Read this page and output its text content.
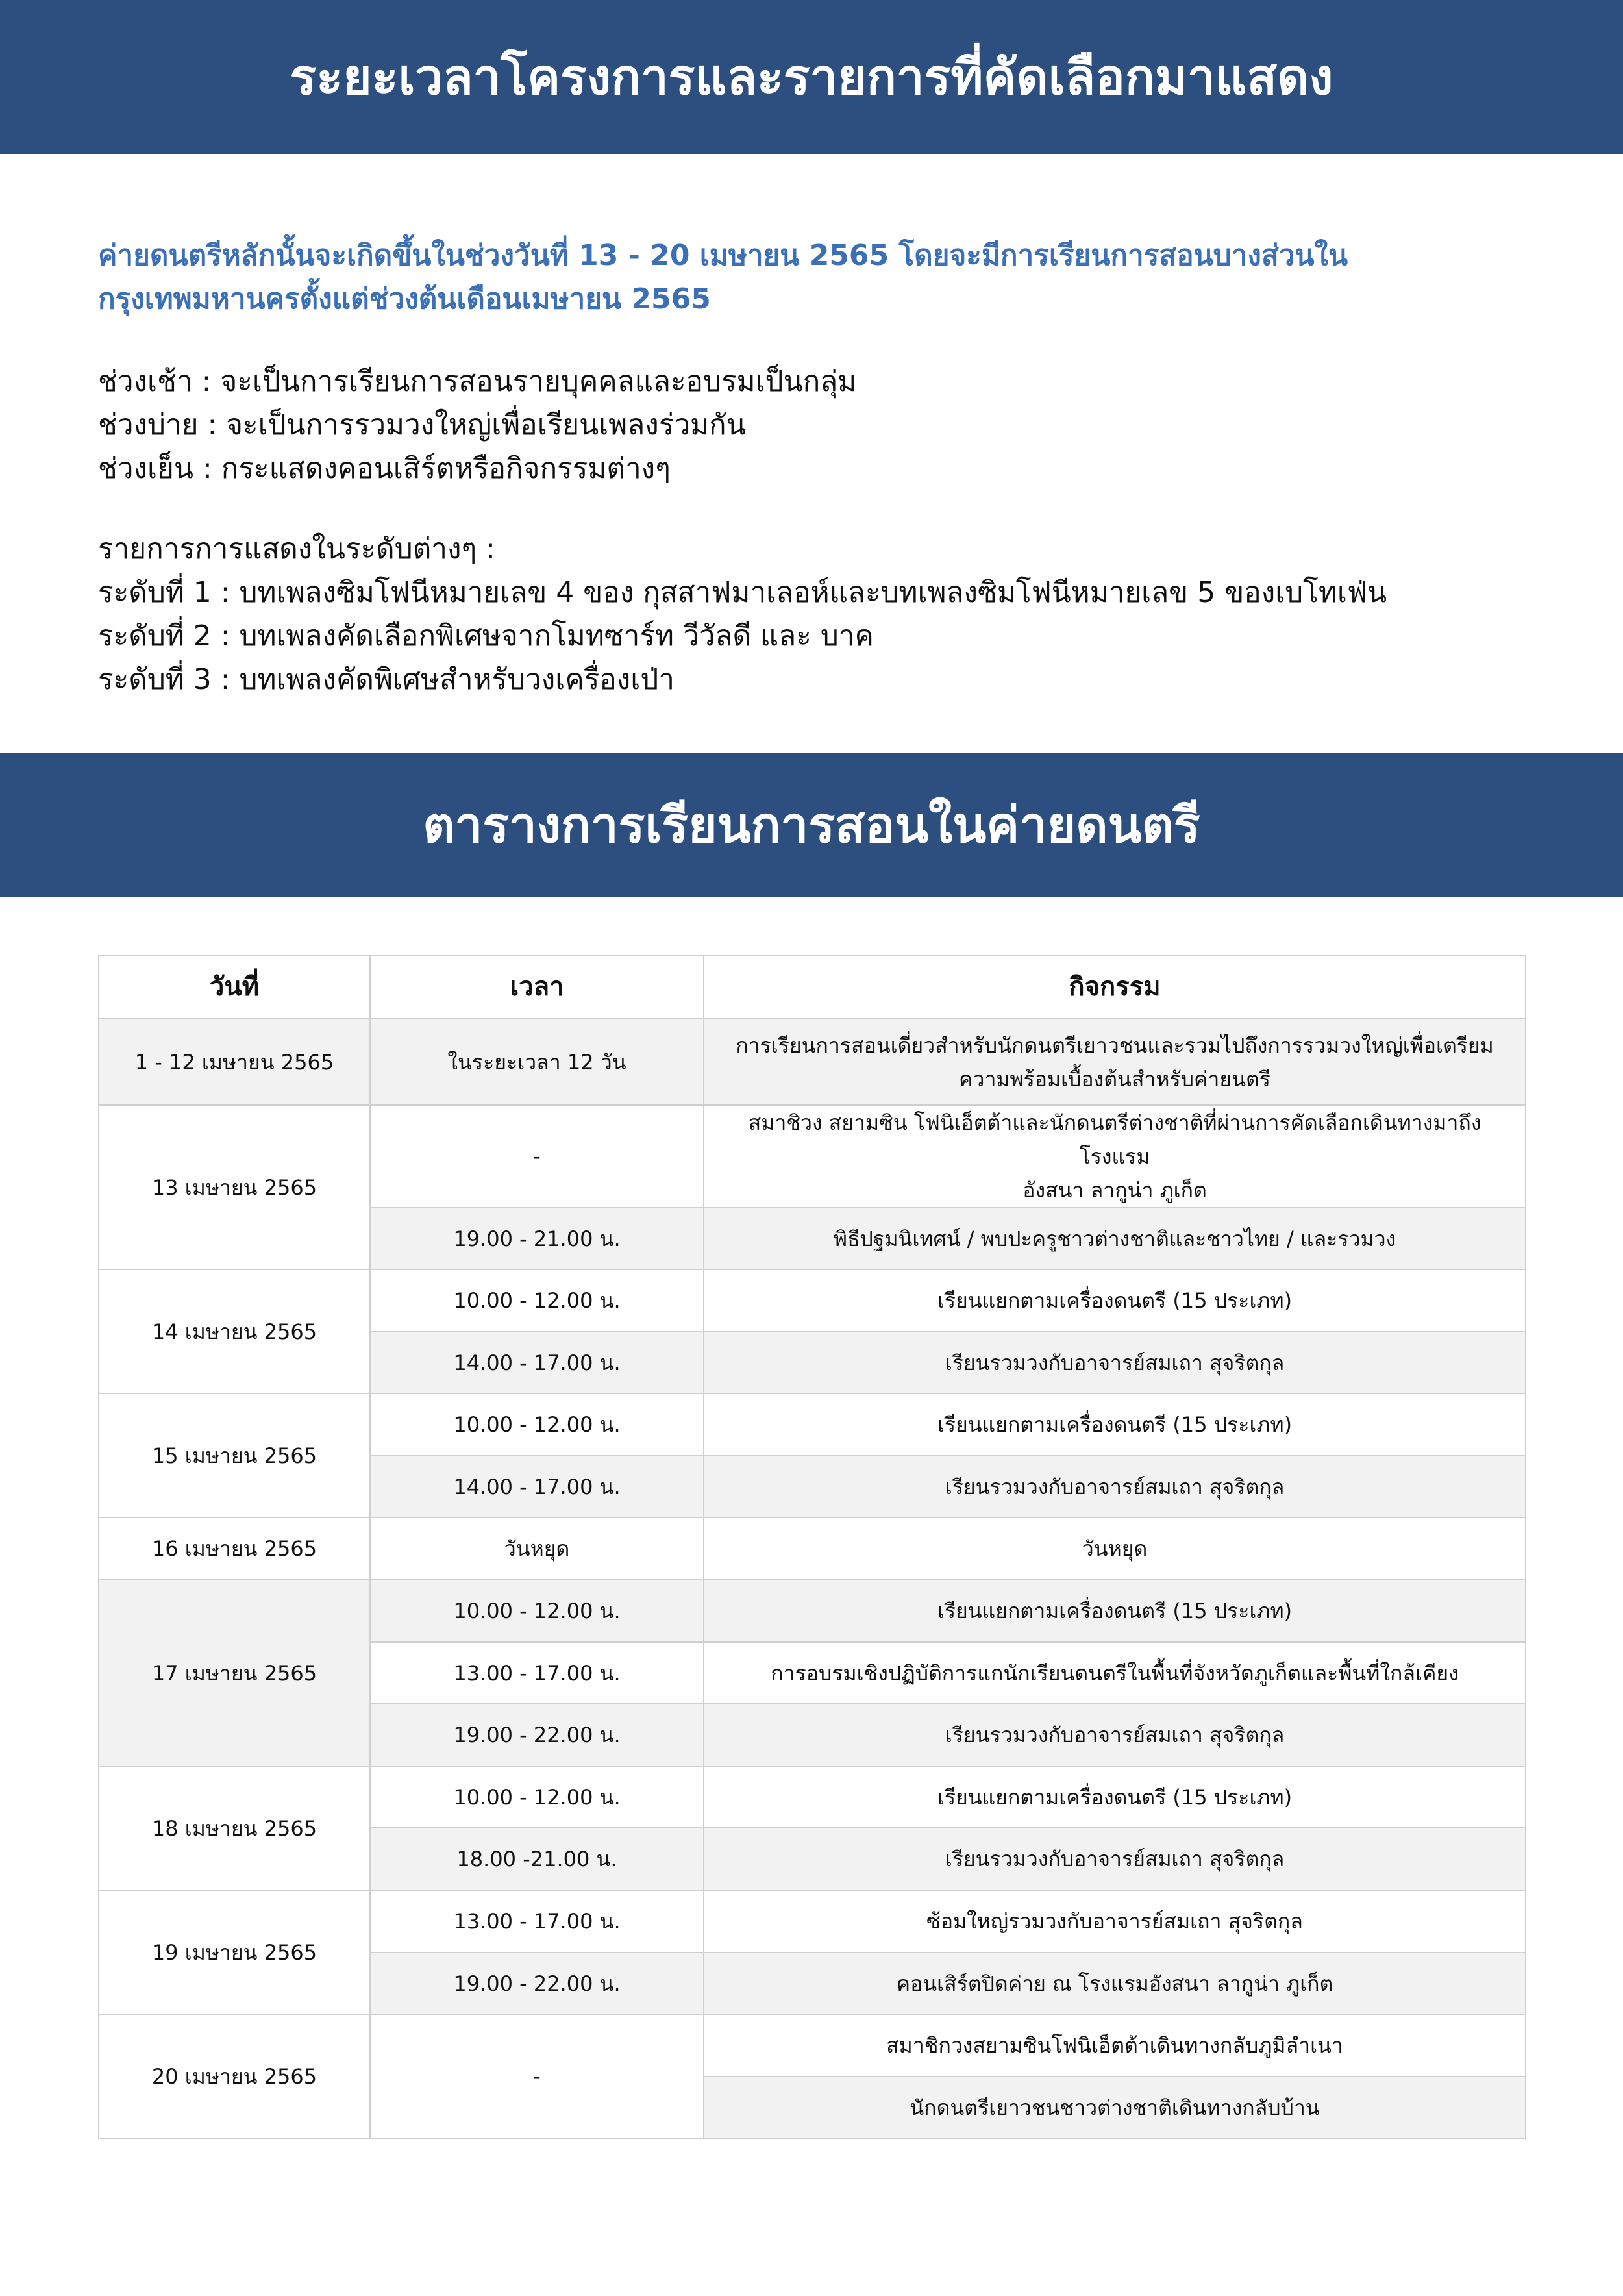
ระยะเวลาโครงการและรายการที่คัดเลือกมาแสดง

ค่ายดนตรีหลักนั้นจะเกิดขึ้นในช่วงวันที่ 13 - 20 เมษายน 2565 โดยจะมีการเรียนการสอนบางส่วนใน

กรุงเทพมหานครตั้งแต่ช่วงต้นเดือนเมษายน 2565

ช่วงเช้า : จะเป็นการเรียนการสอนรายบุคคลและอบรมเป็นกลุ่ม

ช่วงบ่าย : จะเป็นการรวมวงใหญ่เพื่อเรียนเพลงร่วมกัน

ช่วงเย็น : กระแสดงคอนเสิร์ตหรือกิจกรรมต่างๆ

รายการการแสดงในระดับต่างๆ :

ระดับที่ 1 : บทเพลงซิมโฟนีหมายเลข 4 ของ กุสสาฟมาเลอห์และบทเพลงซิมโฟนีหมายเลข 5 ของเบโทเฟ่น

ระดับที่ 2 : บทเพลงคัดเลือกพิเศษจากโมทซาร์ท วีวัลดี และ บาค

ระดับที่ 3 : บทเพลงคัดพิเศษสำหรับวงเครื่องเป่า

ตารางการเรียนการสอนในค่ายดนตรี
วันที่	เวลา	กิจกรรม
1 - 12 เมษายน 2565	ในระยะเวลา 12 วัน	การเรียนการสอนเดี่ยวสำหรับนักดนตรีเยาวชนและรวมไปถึงการรวมวงใหญ่เพื่อเตรียม
ความพร้อมเบื้องต้นสำหรับค่ายนตรี
13 เมษายน 2565	-	สมาชิวง สยามซิน โฟนิเอ็ตต้าและนักดนตรีต่างชาติที่ผ่านการคัดเลือกเดินทางมาถึงโรงแรม
อังสนา ลากูน่า ภูเก็ต
	19.00 - 21.00 น.	พิธีปฐมนิเทศน์ / พบปะครูชาวต่างชาติและชาวไทย / และรวมวง
14 เมษายน 2565	10.00 - 12.00 น.	เรียนแยกตามเครื่องดนตรี (15 ประเภท)
	14.00 - 17.00 น.	เรียนรวมวงกับอาจารย์สมเถา สุจริตกุล
15 เมษายน 2565	10.00 - 12.00 น.	เรียนแยกตามเครื่องดนตรี (15 ประเภท)
	14.00 - 17.00 น.	เรียนรวมวงกับอาจารย์สมเถา สุจริตกุล
16 เมษายน 2565	วันหยุด	วันหยุด
17 เมษายน 2565	10.00 - 12.00 น.	เรียนแยกตามเครื่องดนตรี (15 ประเภท)
	13.00 - 17.00 น.	การอบรมเชิงปฏิบัติการแกนักเรียนดนตรีในพื้นที่จังหวัดภูเก็ตและพื้นที่ใกล้เคียง
	19.00 - 22.00 น.	เรียนรวมวงกับอาจารย์สมเถา สุจริตกุล
18 เมษายน 2565	10.00 - 12.00 น.	เรียนแยกตามเครื่องดนตรี (15 ประเภท)
	18.00 -21.00 น.	เรียนรวมวงกับอาจารย์สมเถา สุจริตกุล
19 เมษายน 2565	13.00 - 17.00 น.	ซ้อมใหญ่รวมวงกับอาจารย์สมเถา สุจริตกุล
	19.00 - 22.00 น.	คอนเสิร์ตปิดค่าย ณ โรงแรมอังสนา ลากูน่า ภูเก็ต
20 เมษายน 2565	-	สมาชิกวงสยามซินโฟนิเอ็ตต้าเดินทางกลับภูมิลำเนา
		นักดนตรีเยาวชนชาวต่างชาติเดินทางกลับบ้าน
